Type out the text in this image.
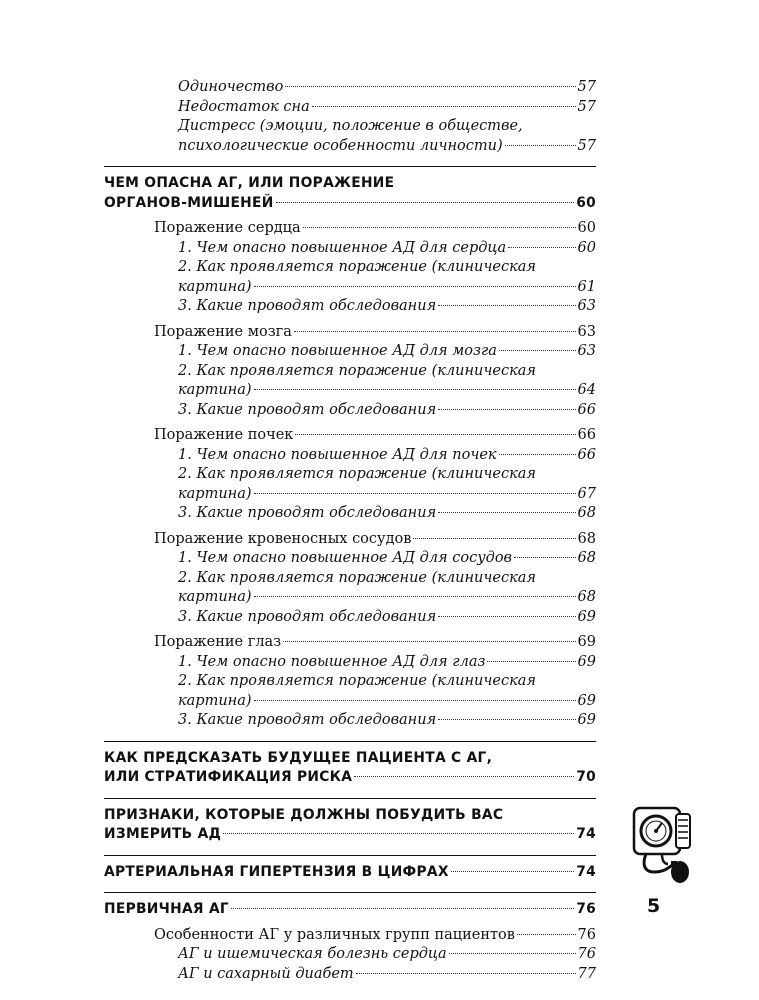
Одиночество	57
Недостаток сна	57
Дистресс (эмоции, положение в обществе,
психологические особенности личности)	57
ЧЕМ ОПАСНА АГ, ИЛИ ПОРАЖЕНИЕ
ОРГАНОВ-МИШЕНЕЙ	60
Поражение сердца	60
1. Чем опасно повышенное АД для сердца	60
2. Как проявляется поражение (клиническая
картина)	61
3. Какие проводят обследования	63
Поражение мозга	63
1. Чем опасно повышенное АД для мозга	63
2. Как проявляется поражение (клиническая
картина)	64
3. Какие проводят обследования	66
Поражение почек	66
1. Чем опасно повышенное АД для почек	66
2. Как проявляется поражение (клиническая
картина)	67
3. Какие проводят обследования	68
Поражение кровеносных сосудов	68
1. Чем опасно повышенное АД для сосудов	68
2. Как проявляется поражение (клиническая
картина)	68
3. Какие проводят обследования	69
Поражение глаз	69
1. Чем опасно повышенное АД для глаз	69
2. Как проявляется поражение (клиническая
картина)	69
3. Какие проводят обследования	69
КАК ПРЕДСКАЗАТЬ БУДУЩЕЕ ПАЦИЕНТА С АГ,
ИЛИ СТРАТИФИКАЦИЯ РИСКА	70
ПРИЗНАКИ, КОТОРЫЕ ДОЛЖНЫ ПОБУДИТЬ ВАС
ИЗМЕРИТЬ АД	74
АРТЕРИАЛЬНАЯ ГИПЕРТЕНЗИЯ В ЦИФРАХ	74
ПЕРВИЧНАЯ АГ	76
Особенности АГ у различных групп пациентов	76
АГ и ишемическая болезнь сердца	76
АГ и сахарный диабет	77
5
